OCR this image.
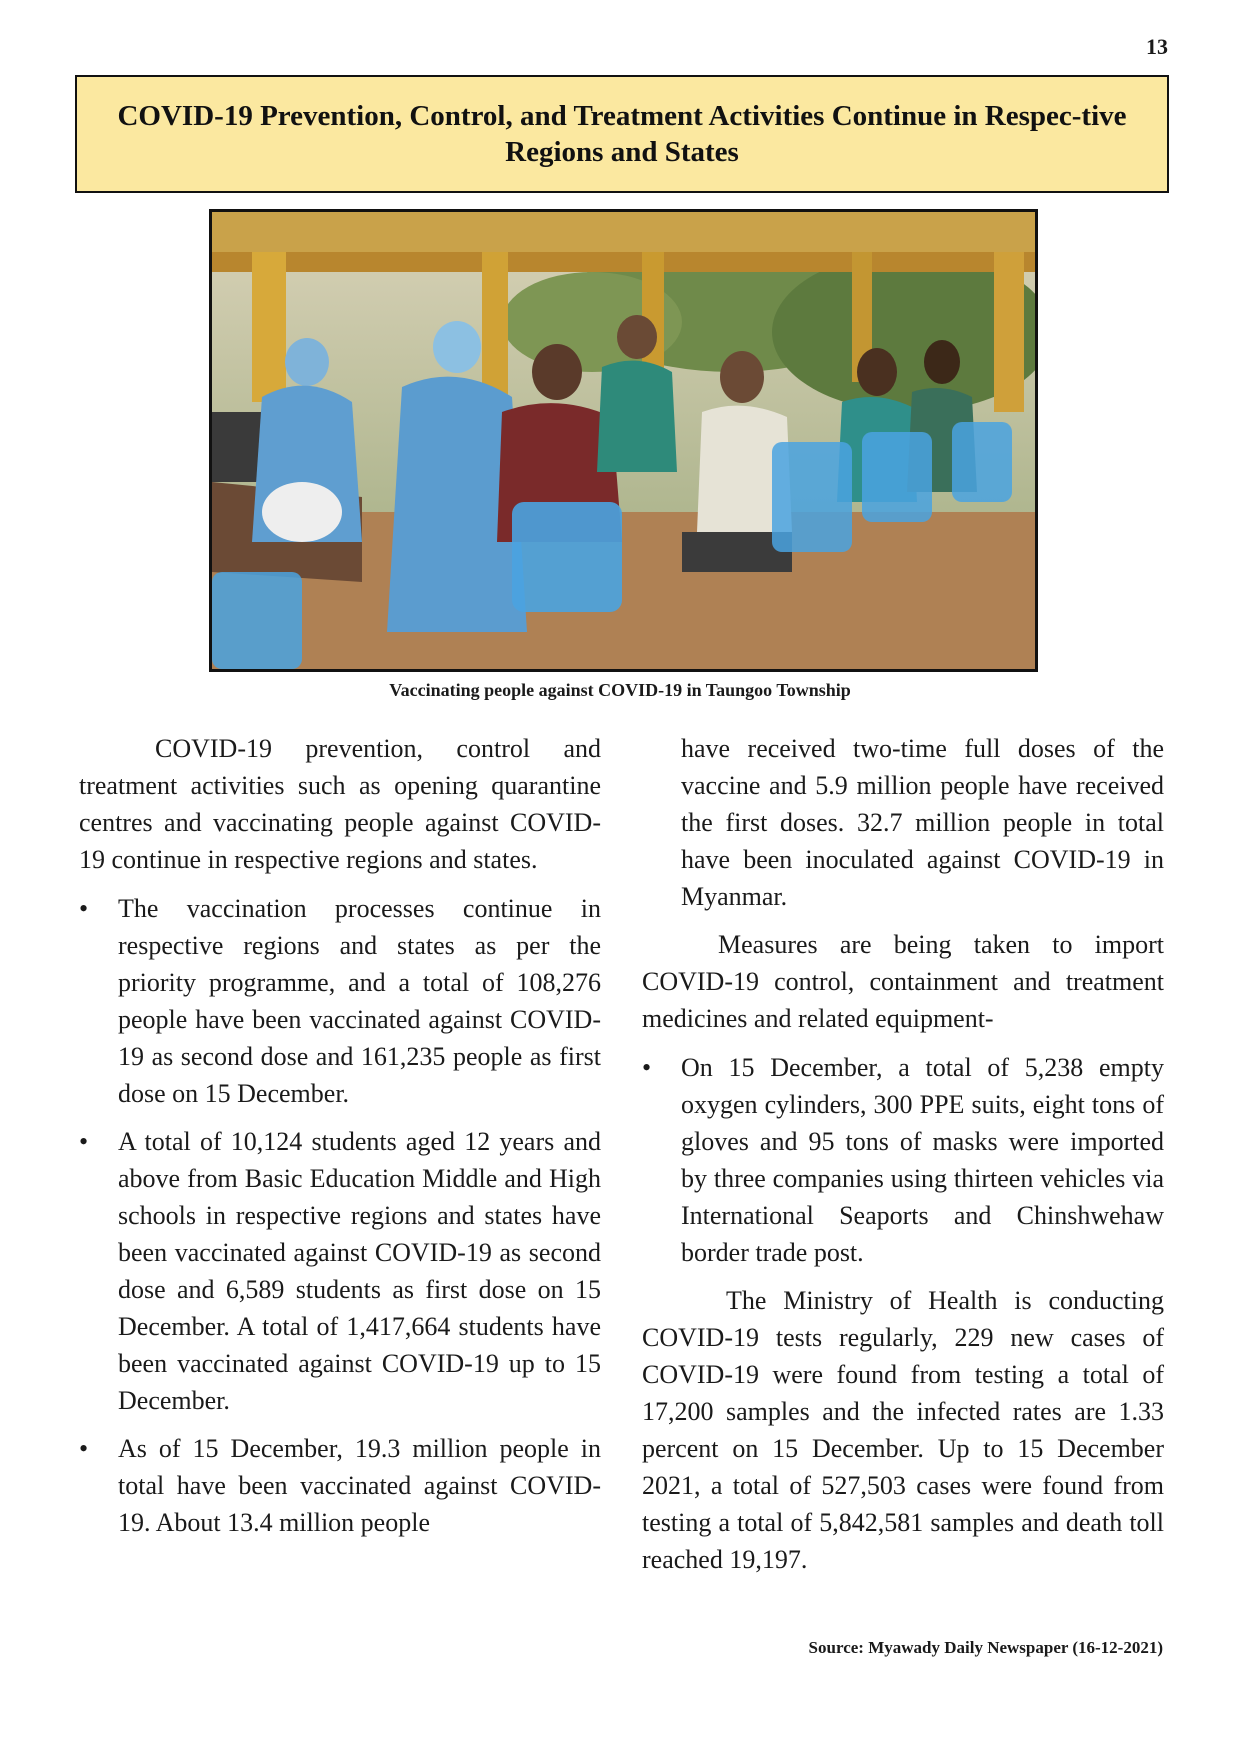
13
COVID-19 Prevention, Control, and Treatment Activities Continue in Respec-tive Regions and States
Vaccinating people against COVID-19 in Taungoo Township

COVID-19 prevention, control and treatment activities such as opening quarantine centres and vaccinating people against COVID-19 continue in respective regions and states.

• The vaccination processes continue in respective regions and states as per the priority programme, and a total of 108,276 people have been vaccinated against COVID-19 as second dose and 161,235 people as first dose on 15 December.
• A total of 10,124 students aged 12 years and above from Basic Education Middle and High schools in respective regions and states have been vaccinated against COVID-19 as second dose and 6,589 students as first dose on 15 December. A total of 1,417,664 students have been vaccinated against COVID-19 up to 15 December.
• As of 15 December, 19.3 million people in total have been vaccinated against COVID-19. About 13.4 million people
have received two-time full doses of the vaccine and 5.9 million people have received the first doses. 32.7 million people in total have been inoculated against COVID-19 in Myanmar.

Measures are being taken to import COVID-19 control, containment and treatment medicines and related equipment-

• On 15 December, a total of 5,238 empty oxygen cylinders, 300 PPE suits, eight tons of gloves and 95 tons of masks were imported by three companies using thirteen vehicles via International Seaports and Chinshwehaw border trade post.

The Ministry of Health is conducting COVID-19 tests regularly, 229 new cases of COVID-19 were found from testing a total of 17,200 samples and the infected rates are 1.33 percent on 15 December. Up to 15 December 2021, a total of 527,503 cases were found from testing a total of 5,842,581 samples and death toll reached 19,197.

Source: Myawady Daily Newspaper (16-12-2021)
